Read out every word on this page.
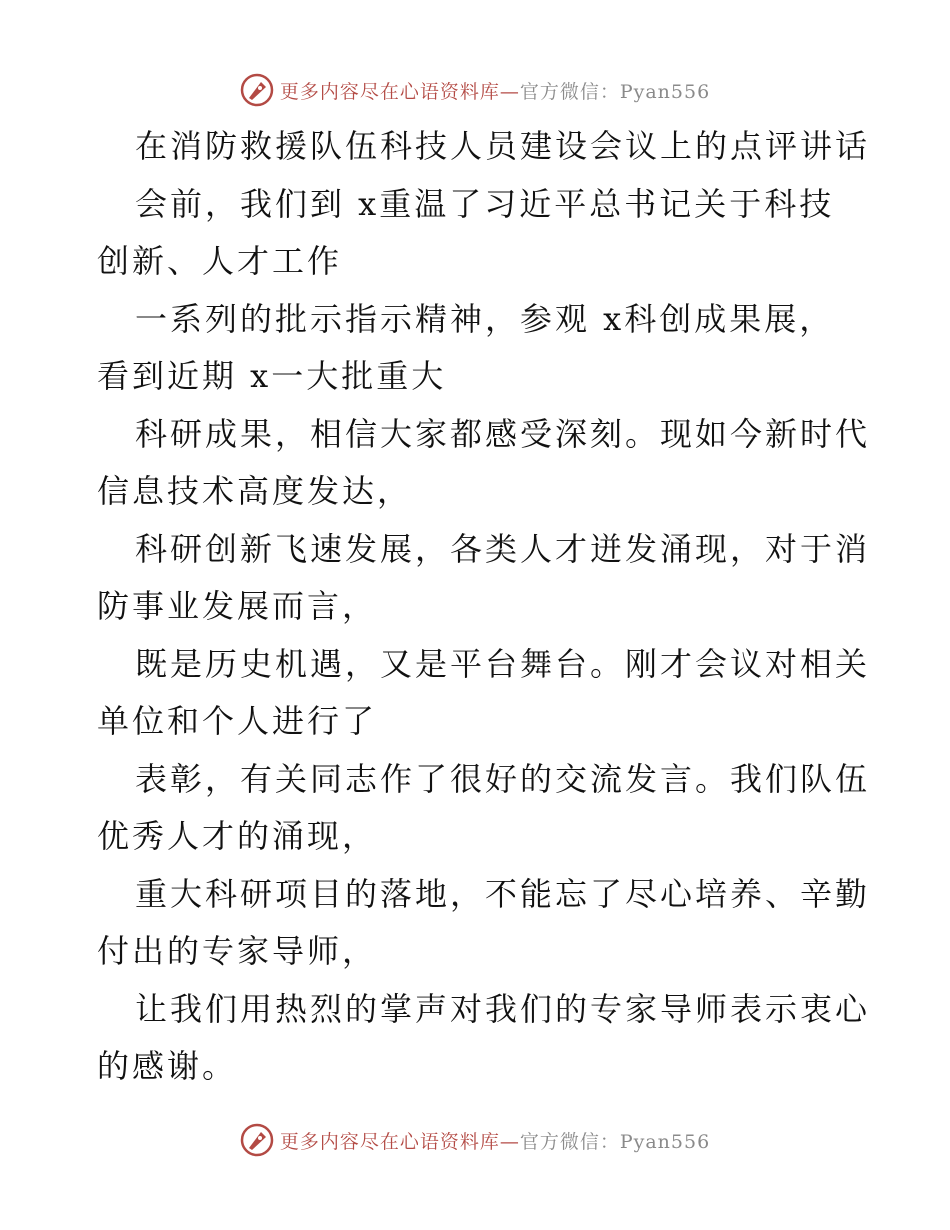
更多内容尽在心语资料库—官方微信：Pyan556
在消防救援队伍科技人员建设会议上的点评讲话
会前，我们到 x重温了习近平总书记关于科技
创新、人才工作
一系列的批示指示精神，参观 x科创成果展，
看到近期 x一大批重大
科研成果，相信大家都感受深刻。现如今新时代
信息技术高度发达，
科研创新飞速发展，各类人才迸发涌现，对于消
防事业发展而言，
既是历史机遇，又是平台舞台。刚才会议对相关
单位和个人进行了
表彰，有关同志作了很好的交流发言。我们队伍
优秀人才的涌现，
重大科研项目的落地，不能忘了尽心培养、辛勤
付出的专家导师，
让我们用热烈的掌声对我们的专家导师表示衷心
的感谢。
更多内容尽在心语资料库—官方微信：Pyan556
